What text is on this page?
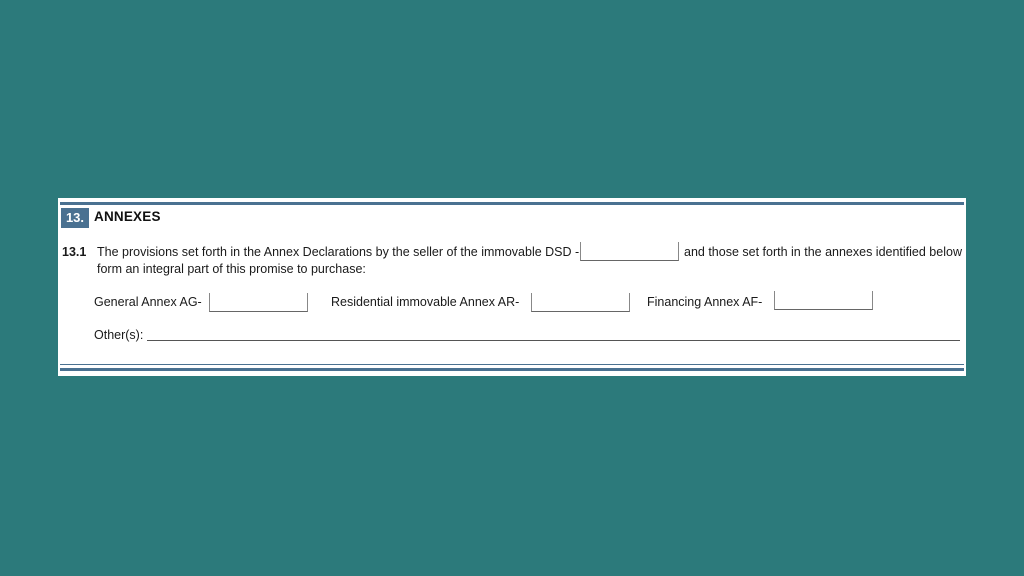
13. ANNEXES
13.1 The provisions set forth in the Annex Declarations by the seller of the immovable DSD -	and those set forth in the annexes identified below
form an integral part of this promise to purchase:
General Annex AG-	Residential immovable Annex AR-	Financing Annex AF-
Other(s):
